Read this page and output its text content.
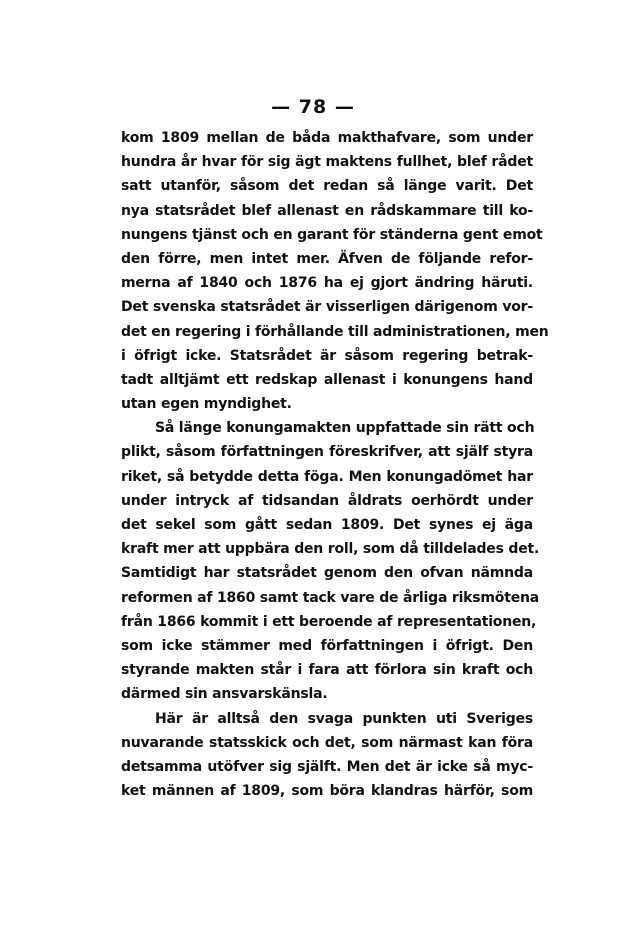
— 78 —
kom 1809 mellan de båda makthafvare, som under
hundra år hvar för sig ägt maktens fullhet, blef rådet
satt utanför, såsom det redan så länge varit. Det
nya statsrådet blef allenast en rådskammare till ko-
nungens tjänst och en garant för ständerna gent emot
den förre, men intet mer. Äfven de följande refor-
merna af 1840 och 1876 ha ej gjort ändring häruti.
Det svenska statsrådet är visserligen därigenom vor-
det en regering i förhållande till administrationen, men
i öfrigt icke. Statsrådet är såsom regering betrak-
tadt alltjämt ett redskap allenast i konungens hand
utan egen myndighet.
Så länge konungamakten uppfattade sin rätt och
plikt, såsom författningen föreskrifver, att själf styra
riket, så betydde detta föga. Men konungadömet har
under intryck af tidsandan åldrats oerhördt under
det sekel som gått sedan 1809. Det synes ej äga
kraft mer att uppbära den roll, som då tilldelades det.
Samtidigt har statsrådet genom den ofvan nämnda
reformen af 1860 samt tack vare de årliga riksmötena
från 1866 kommit i ett beroende af representationen,
som icke stämmer med författningen i öfrigt. Den
styrande makten står i fara att förlora sin kraft och
därmed sin ansvarskänsla.
Här är alltså den svaga punkten uti Sveriges
nuvarande statsskick och det, som närmast kan föra
detsamma utöfver sig själft. Men det är icke så myc-
ket männen af 1809, som böra klandras härför, som
